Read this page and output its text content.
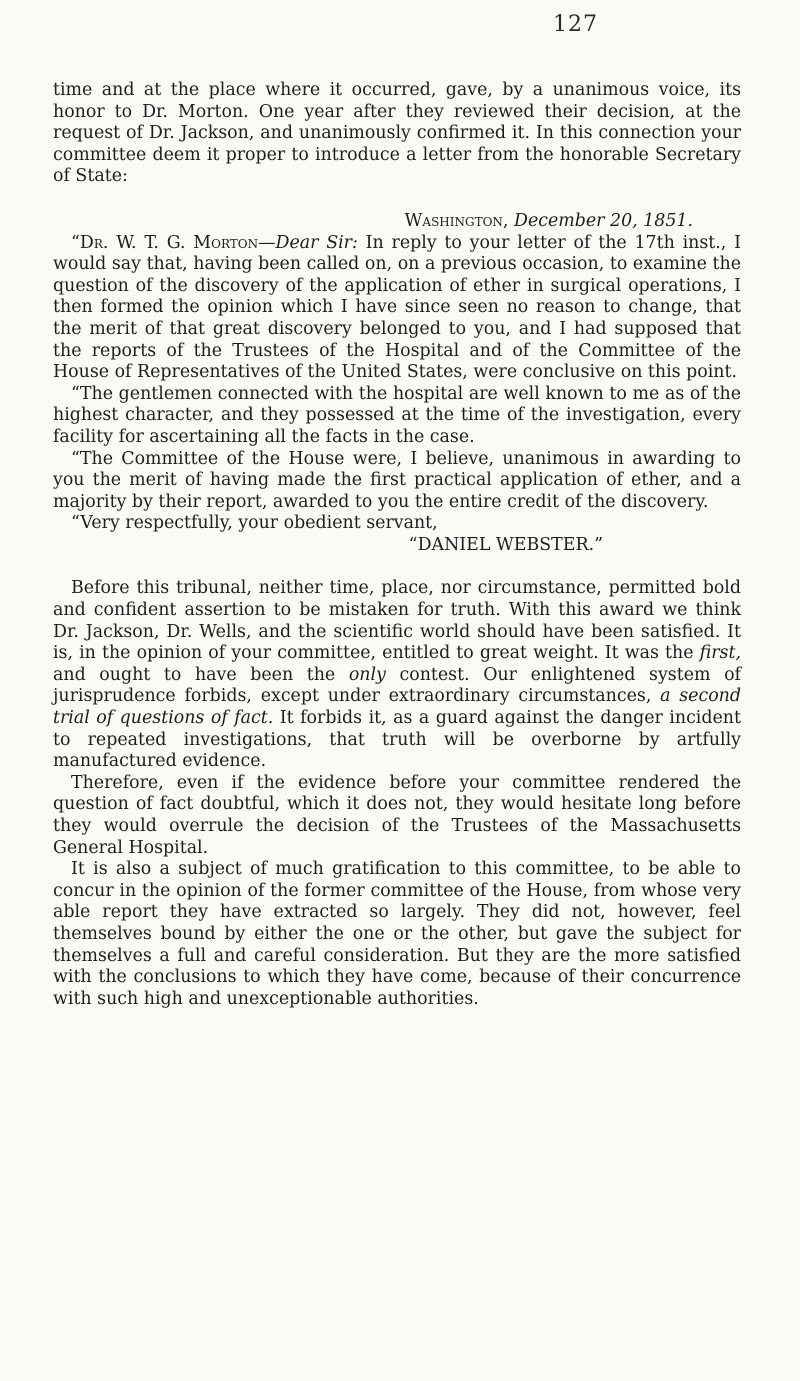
127

time and at the place where it occurred, gave, by a unanimous voice, its honor to Dr. Morton. One year after they reviewed their decision, at the request of Dr. Jackson, and unanimously confirmed it. In this connection your committee deem it proper to introduce a letter from the honorable Secretary of State:

Washington, December 20, 1851.

“Dr. W. T. G. Morton—Dear Sir: In reply to your letter of the 17th inst., I would say that, having been called on, on a previous occasion, to examine the question of the discovery of the application of ether in surgical operations, I then formed the opinion which I have since seen no reason to change, that the merit of that great discovery belonged to you, and I had supposed that the reports of the Trustees of the Hospital and of the Committee of the House of Representatives of the United States, were conclusive on this point.

“The gentlemen connected with the hospital are well known to me as of the highest character, and they possessed at the time of the investigation, every facility for ascertaining all the facts in the case.

“The Committee of the House were, I believe, unanimous in awarding to you the merit of having made the first practical application of ether, and a majority by their report, awarded to you the entire credit of the discovery.

“Very respectfully, your obedient servant,

“DANIEL WEBSTER.”

Before this tribunal, neither time, place, nor circumstance, permitted bold and confident assertion to be mistaken for truth. With this award we think Dr. Jackson, Dr. Wells, and the scientific world should have been satisfied. It is, in the opinion of your committee, entitled to great weight. It was the first, and ought to have been the only contest. Our enlightened system of jurisprudence forbids, except under extraordinary circumstances, a second trial of questions of fact. It forbids it, as a guard against the danger incident to repeated investigations, that truth will be overborne by artfully manufactured evidence.

Therefore, even if the evidence before your committee rendered the question of fact doubtful, which it does not, they would hesitate long before they would overrule the decision of the Trustees of the Massachusetts General Hospital.

It is also a subject of much gratification to this committee, to be able to concur in the opinion of the former committee of the House, from whose very able report they have extracted so largely. They did not, however, feel themselves bound by either the one or the other, but gave the subject for themselves a full and careful consideration. But they are the more satisfied with the conclusions to which they have come, because of their concurrence with such high and unexceptionable authorities.
